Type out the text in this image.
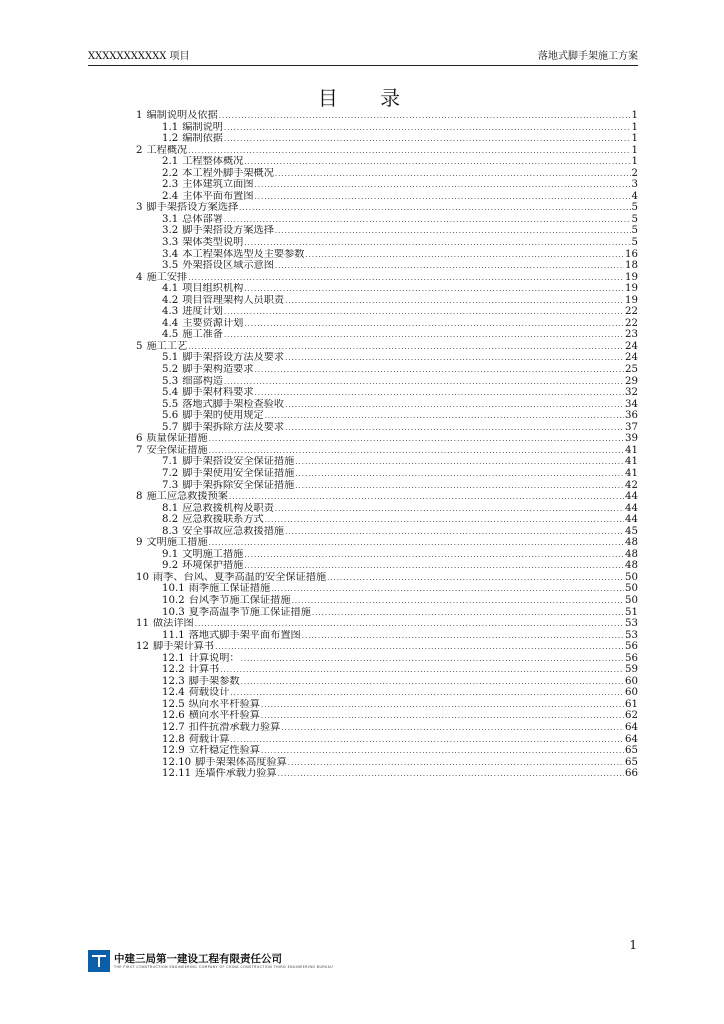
XXXXXXXXXXX 项目	落地式脚手架施工方案
目 录
1 编制说明及依据 .....	1
1.1 编制说明 .....	1
1.2 编制依据 .....	1
2 工程概况 .....	1
2.1 工程整体概况 .....	1
2.2 本工程外脚手架概况 .....	2
2.3 主体建筑立面图 .....	3
2.4 主体平面布置图 .....	4
3 脚手架搭设方案选择 .....	5
3.1 总体部署 .....	5
3.2 脚手架搭设方案选择 .....	5
3.3 架体类型说明 .....	5
3.4 本工程架体选型及主要参数 .....	16
3.5 外架搭设区域示意图 .....	18
4 施工安排 .....	19
4.1 项目组织机构 .....	19
4.2 项目管理架构人员职责 .....	19
4.3 进度计划 .....	22
4.4 主要资源计划 .....	22
4.5 施工准备 .....	23
5 施工工艺 .....	24
5.1 脚手架搭设方法及要求 .....	24
5.2 脚手架构造要求 .....	25
5.3 细部构造 .....	29
5.4 脚手架材料要求 .....	32
5.5 落地式脚手架检查验收 .....	34
5.6 脚手架的使用规定 .....	36
5.7 脚手架拆除方法及要求 .....	37
6 质量保证措施 .....	39
7 安全保证措施 .....	41
7.1 脚手架搭设安全保证措施 .....	41
7.2 脚手架使用安全保证措施 .....	41
7.3 脚手架拆除安全保证措施 .....	42
8 施工应急救援预案 .....	44
8.1 应急救援机构及职责 .....	44
8.2 应急救援联系方式 .....	44
8.3 安全事故应急救援措施 .....	45
9 文明施工措施 .....	48
9.1 文明施工措施 .....	48
9.2 环境保护措施 .....	48
10 雨季、台风、夏季高温的安全保证措施 .....	50
10.1 雨季施工保证措施 .....	50
10.2 台风季节施工保证措施 .....	50
10.3 夏季高温季节施工保证措施 .....	51
11 做法详图 .....	53
11.1 落地式脚手架平面布置图 .....	53
12 脚手架计算书 .....	56
12.1 计算说明： .....	56
12.2 计算书 .....	59
12.3 脚手架参数 .....	60
12.4 荷载设计 .....	60
12.5 纵向水平杆验算 .....	61
12.6 横向水平杆验算 .....	62
12.7 扣件抗滑承载力验算 .....	64
12.8 荷载计算 .....	64
12.9 立杆稳定性验算 .....	65
12.10 脚手架架体高度验算 .....	65
12.11 连墙件承载力验算 .....	66
1
中建三局第一建设工程有限责任公司
THE FIRST CONSTRUCTION ENGINEERING COMPANY OF CHINA CONSTRUCTION THIRD ENGINEERING BUREAU
